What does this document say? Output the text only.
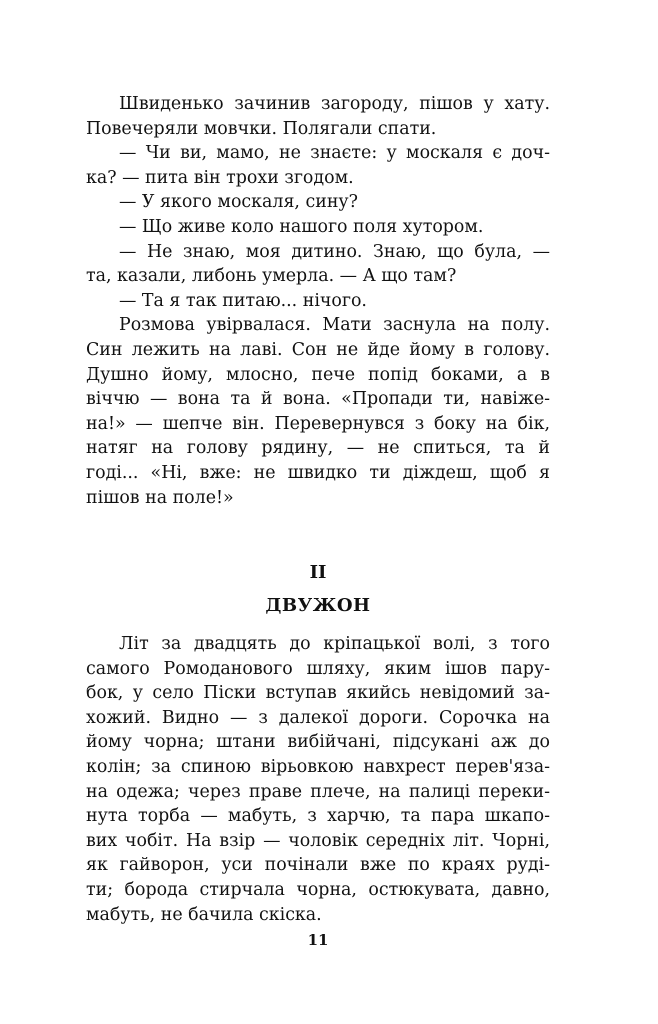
Швиденько зачинив загороду, пішов у хату.
Повечеряли мовчки. Полягали спати.
— Чи ви, мамо, не знаєте: у москаля є доч-
ка? — пита він трохи згодом.
— У якого москаля, сину?
— Що живе коло нашого поля хутором.
— Не знаю, моя дитино. Знаю, що була, —
та, казали, либонь умерла. — А що там?
— Та я так питаю... нічого.
Розмова увірвалася. Мати заснула на полу.
Син лежить на лаві. Сон не йде йому в голову.
Душно йому, млосно, пече попід боками, а в
віччю — вона та й вона. «Пропади ти, навіже-
на!» — шепче він. Перевернувся з боку на бік,
натяг на голову рядину, — не спиться, та й
годі... «Ні, вже: не швидко ти діждеш, щоб я
пішов на поле!»
II
ДВУЖОН
Літ за двадцять до кріпацької волі, з того
самого Ромоданового шляху, яким ішов пару-
бок, у село Піски вступав якийсь невідомий за-
хожий. Видно — з далекої дороги. Сорочка на
йому чорна; штани вибійчані, підсукані аж до
колін; за спиною вірьовкою навхрест перев'яза-
на одежа; через праве плече, на палиці переки-
нута торба — мабуть, з харчю, та пара шкапо-
вих чобіт. На взір — чоловік середніх літ. Чорні,
як гайворон, уси почінали вже по краях руді-
ти; борода стирчала чорна, остюкувата, давно,
мабуть, не бачила скіска.
11
